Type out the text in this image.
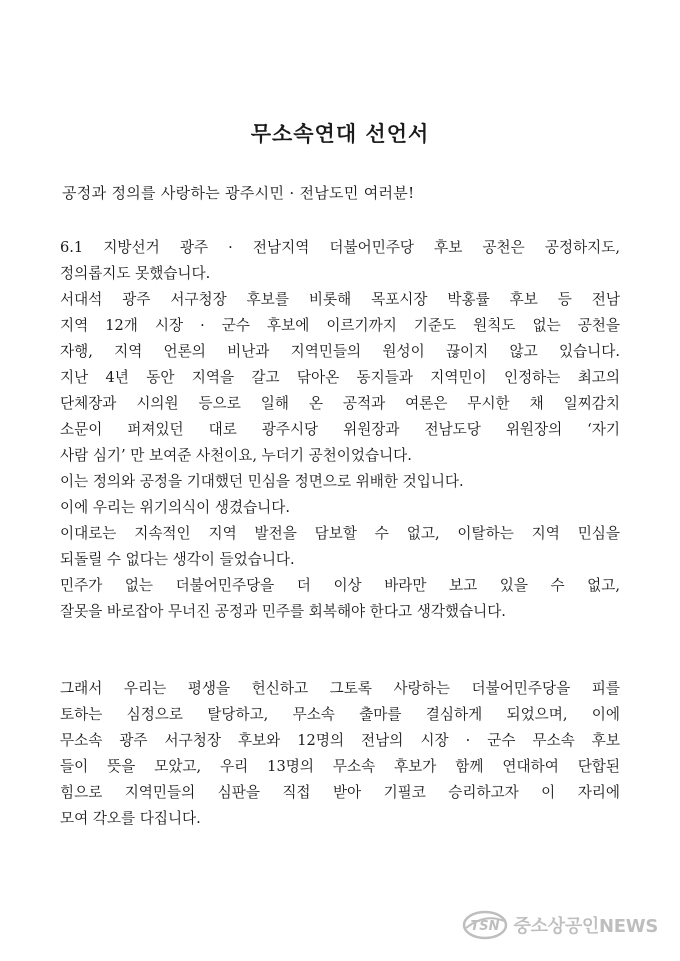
무소속연대 선언서
공정과 정의를 사랑하는 광주시민 · 전남도민 여러분!
6.1 지방선거 광주 · 전남지역 더불어민주당 후보 공천은 공정하지도,
정의롭지도 못했습니다.
서대석 광주 서구청장 후보를 비롯해 목포시장 박홍률 후보 등 전남
지역 12개 시장 · 군수 후보에 이르기까지 기준도 원칙도 없는 공천을
자행, 지역 언론의 비난과 지역민들의 원성이 끊이지 않고 있습니다.
지난 4년 동안 지역을 갈고 닦아온 동지들과 지역민이 인정하는 최고의
단체장과 시의원 등으로 일해 온 공적과 여론은 무시한 채 일찌감치
소문이 퍼져있던 대로 광주시당 위원장과 전남도당 위원장의 ‘자기
사람 심기’ 만 보여준 사천이요, 누더기 공천이었습니다.
이는 정의와 공정을 기대했던 민심을 정면으로 위배한 것입니다.
이에 우리는 위기의식이 생겼습니다.
이대로는 지속적인 지역 발전을 담보할 수 없고, 이탈하는 지역 민심을
되돌릴 수 없다는 생각이 들었습니다.
민주가 없는 더불어민주당을 더 이상 바라만 보고 있을 수 없고,
잘못을 바로잡아 무너진 공정과 민주를 회복해야 한다고 생각했습니다.
그래서 우리는 평생을 헌신하고 그토록 사랑하는 더불어민주당을 피를
토하는 심정으로 탈당하고, 무소속 출마를 결심하게 되었으며, 이에
무소속 광주 서구청장 후보와 12명의 전남의 시장 · 군수 무소속 후보
들이 뜻을 모았고, 우리 13명의 무소속 후보가 함께 연대하여 단합된
힘으로 지역민들의 심판을 직접 받아 기필코 승리하고자 이 자리에
모여 각오를 다집니다.
TSN 중소상공인NEWS
